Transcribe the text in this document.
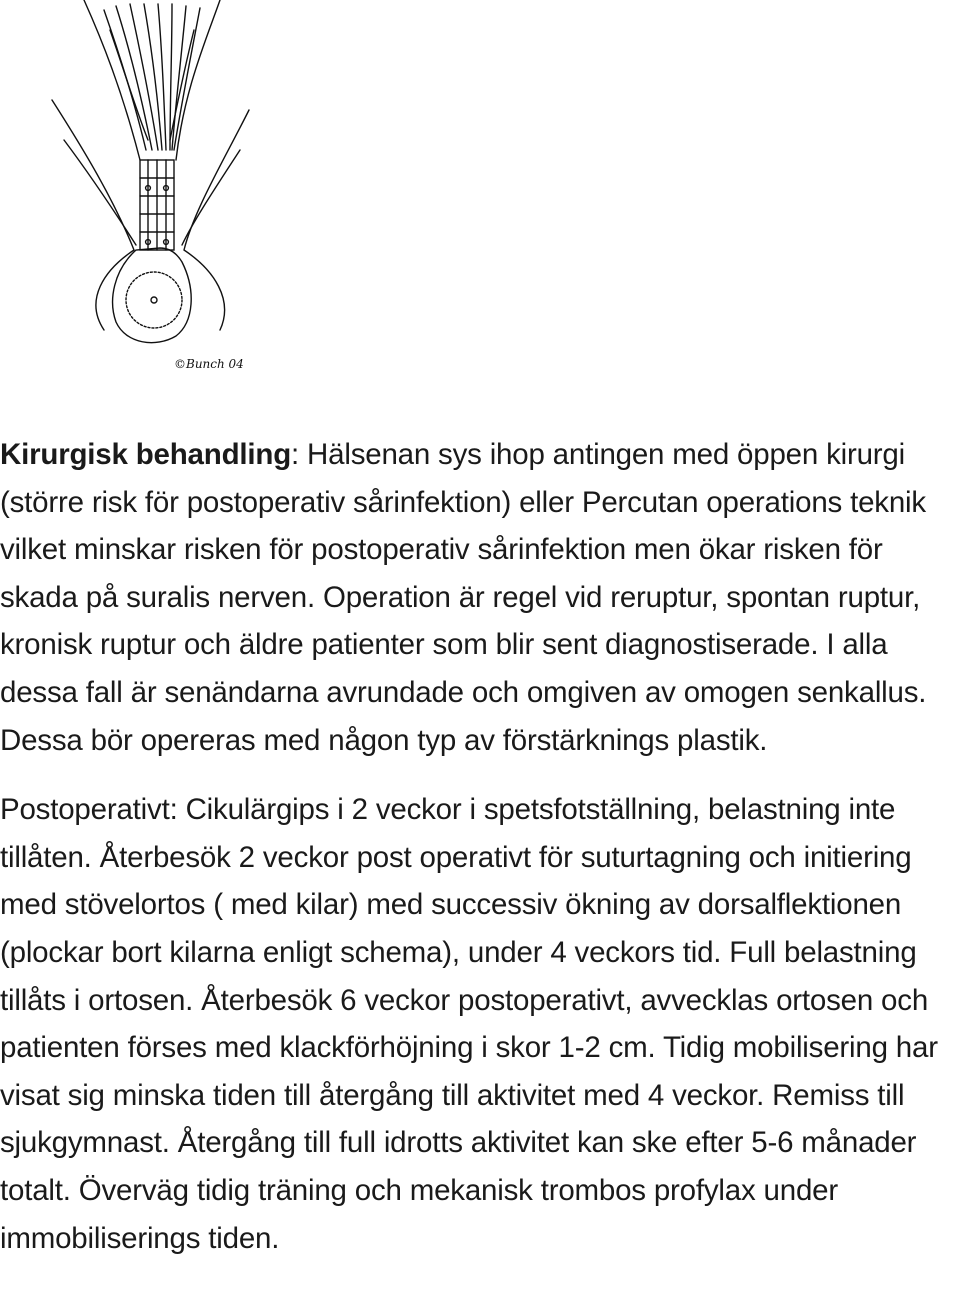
©Bunch 04

Kirurgisk behandling: Hälsenan sys ihop antingen med öppen kirurgi (större risk för postoperativ sårinfektion) eller Percutan operations teknik vilket minskar risken för postoperativ sårinfektion men ökar risken för skada på suralis nerven. Operation är regel vid reruptur, spontan ruptur, kronisk ruptur och äldre patienter som blir sent diagnostiserade. I alla dessa fall är senändarna avrundade och omgiven av omogen senkallus. Dessa bör opereras med någon typ av förstärknings plastik.

Postoperativt: Cikulärgips i 2 veckor i spetsfotställning, belastning inte tillåten. Återbesök 2 veckor post operativt för suturtagning och initiering med stövelortos ( med kilar) med successiv ökning av dorsalflektionen (plockar bort kilarna enligt schema), under 4 veckors tid. Full belastning tillåts i ortosen. Återbesök 6 veckor postoperativt, avvecklas ortosen och patienten förses med klackförhöjning i skor 1-2 cm. Tidig mobilisering har visat sig minska tiden till återgång till aktivitet med 4 veckor. Remiss till sjukgymnast. Återgång till full idrotts aktivitet kan ske efter 5-6 månader totalt. Överväg tidig träning och mekanisk trombos profylax under immobiliserings tiden.
